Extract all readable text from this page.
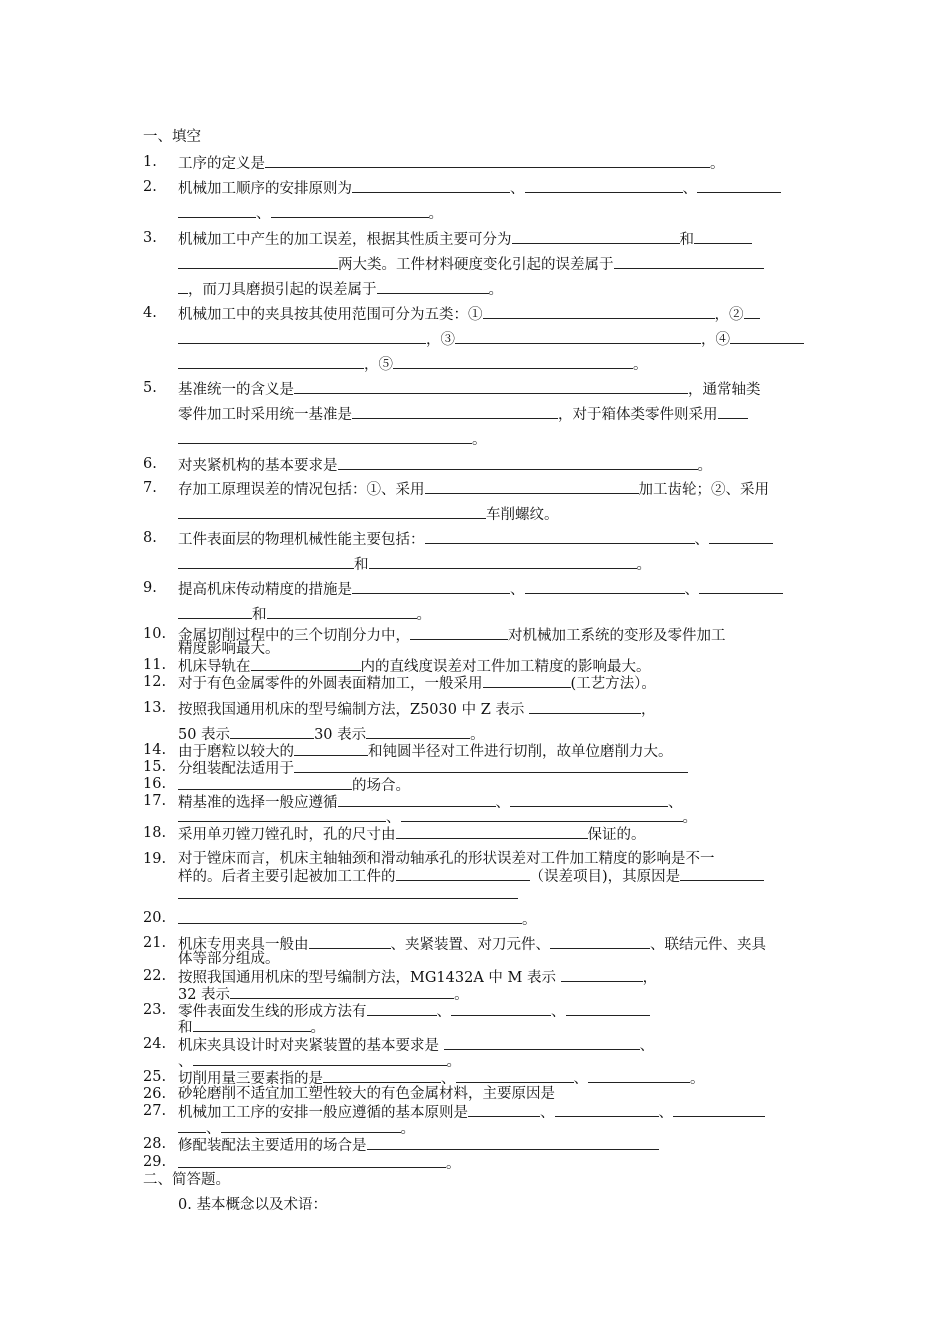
一、填空
1. 工序的定义是	。
2. 机械加工顺序的安排原则为	、	、
、	。
3. 机械加工中产生的加工误差，根据其性质主要可分为	和
两大类。工件材料硬度变化引起的误差属于
，而刀具磨损引起的误差属于	。
4. 机械加工中的夹具按其使用范围可分为五类：①	，②
，③	，④
，⑤	。
5. 基准统一的含义是	，通常轴类
零件加工时采用统一基准是	，对于箱体类零件则采用
。
6. 对夹紧机构的基本要求是	。
7. 存加工原理误差的情况包括：①、采用	加工齿轮；②、采用
车削螺纹。
8. 工件表面层的物理机械性能主要包括：	、
和	。
9. 提高机床传动精度的措施是	、	、
和	。
10. 金属切削过程中的三个切削分力中，	对机械加工系统的变形及零件加工
精度影响最大。
11. 机床导轨在	内的直线度误差对工件加工精度的影响最大。
12. 对于有色金属零件的外圆表面精加工，一般采用	(工艺方法）。
13. 按照我国通用机床的型号编制方法，Z5030 中 Z 表示	，
50 表示	30 表示	。
14. 由于磨粒以较大的	和钝圆半径对工件进行切削，故单位磨削力大。
15. 分组装配法适用于
16.	的场合。
17. 精基准的选择一般应遵循	、	、
、	。
18. 采用单刃镗刀镗孔时，孔的尺寸由	保证的。
19. 对于镗床而言，机床主轴轴颈和滑动轴承孔的形状误差对工件加工精度的影响是不一
样的。后者主要引起被加工工件的	（误差项目)，其原因是
20.	。
21. 机床专用夹具一般由	、夹紧装置、对刀元件、	、联结元件、夹具
体等部分组成。
22. 按照我国通用机床的型号编制方法，MG1432A 中 M 表示	，
32 表示	。
23. 零件表面发生线的形成方法有	、	、
和	。
24. 机床夹具设计时对夹紧装置的基本要求是	、
、	。
25. 切削用量三要素指的是	、	、	。
26. 砂轮磨削不适宜加工塑性较大的有色金属材料，主要原因是
27. 机械加工工序的安排一般应遵循的基本原则是	、	、
、	。
28. 修配装配法主要适用的场合是
29.	。
二、简答题。
0. 基本概念以及术语：
